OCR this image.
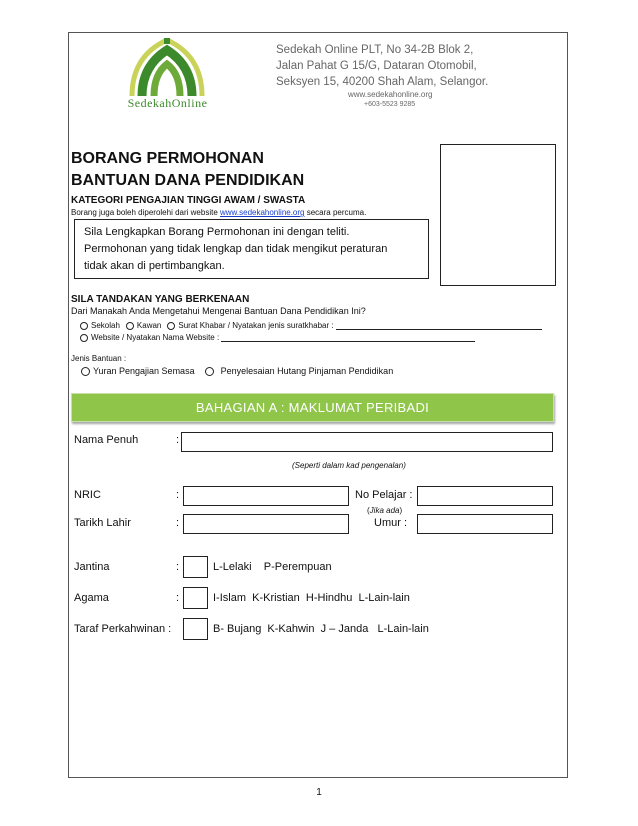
SedekahOnline
Sedekah Online PLT, No 34-2B Blok 2,
Jalan Pahat G 15/G, Dataran Otomobil,
Seksyen 15, 40200 Shah Alam, Selangor.
www.sedekahonline.org
+603-5523 9285
BORANG PERMOHONAN
BANTUAN DANA PENDIDIKAN
KATEGORI PENGAJIAN TINGGI AWAM / SWASTA
Borang juga boleh diperolehi dari website www.sedekahonline.org secara percuma.
Sila Lengkapkan Borang Permohonan ini dengan teliti.
Permohonan yang tidak lengkap dan tidak mengikut peraturan
tidak akan di pertimbangkan.
SILA TANDAKAN YANG BERKENAAN
Dari Manakah Anda Mengetahui Mengenai Bantuan Dana Pendidikan Ini?
Sekolah Kawan Surat Khabar / Nyatakan jenis suratkhabar :
Website / Nyatakan Nama Website :
Jenis Bantuan :
Yuran Pengajian Semasa	Penyelesaian Hutang Pinjaman Pendidikan
BAHAGIAN A : MAKLUMAT PERIBADI
Nama Penuh	:
(Seperti dalam kad pengenalan)
NRIC	:	No Pelajar :
(Jika ada)
Tarikh Lahir	:	Umur :
Jantina	:	L-Lelaki    P-Perempuan
Agama	:	I-Islam  K-Kristian  H-Hindhu  L-Lain-lain
Taraf Perkahwinan :	B- Bujang  K-Kahwin  J – Janda   L-Lain-lain
1
